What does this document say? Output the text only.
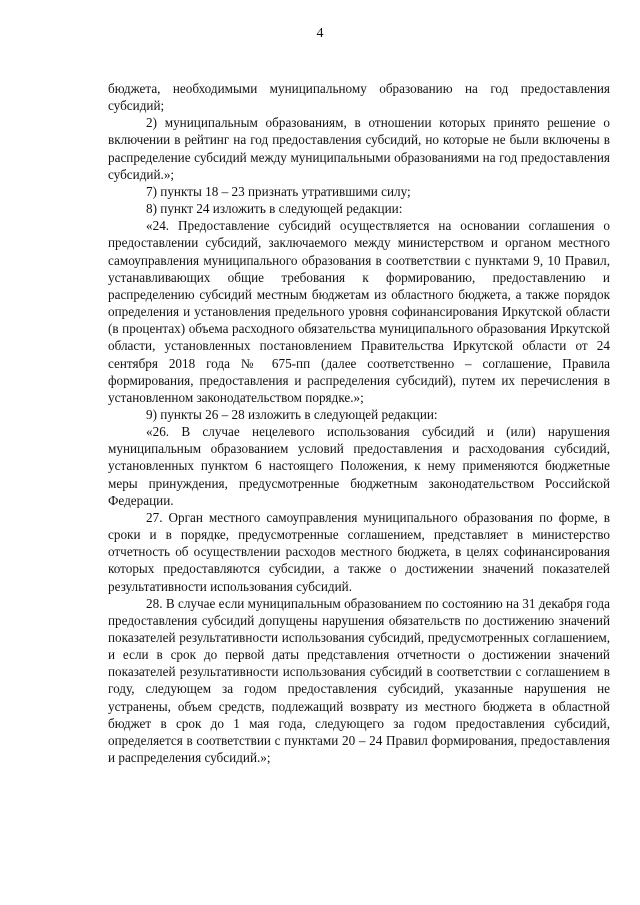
4

бюджета, необходимыми муниципальному образованию на год предоставления субсидий;

2) муниципальным образованиям, в отношении которых принято решение о включении в рейтинг на год предоставления субсидий, но которые не были включены в распределение субсидий между муниципальными образованиями на год предоставления субсидий.»;

7) пункты 18 – 23 признать утратившими силу;

8) пункт 24 изложить в следующей редакции:

«24. Предоставление субсидий осуществляется на основании соглашения о предоставлении субсидий, заключаемого между министерством и органом местного самоуправления муниципального образования в соответствии с пунктами 9, 10 Правил, устанавливающих общие требования к формированию, предоставлению и распределению субсидий местным бюджетам из областного бюджета, а также порядок определения и установления предельного уровня софинансирования Иркутской области (в процентах) объема расходного обязательства муниципального образования Иркутской области, установленных постановлением Правительства Иркутской области от 24 сентября 2018 года № 675-пп (далее соответственно – соглашение, Правила формирования, предоставления и распределения субсидий), путем их перечисления в установленном законодательством порядке.»;

9) пункты 26 – 28 изложить в следующей редакции:

«26. В случае нецелевого использования субсидий и (или) нарушения муниципальным образованием условий предоставления и расходования субсидий, установленных пунктом 6 настоящего Положения, к нему применяются бюджетные меры принуждения, предусмотренные бюджетным законодательством Российской Федерации.

27. Орган местного самоуправления муниципального образования по форме, в сроки и в порядке, предусмотренные соглашением, представляет в министерство отчетность об осуществлении расходов местного бюджета, в целях софинансирования которых предоставляются субсидии, а также о достижении значений показателей результативности использования субсидий.

28. В случае если муниципальным образованием по состоянию на 31 декабря года предоставления субсидий допущены нарушения обязательств по достижению значений показателей результативности использования субсидий, предусмотренных соглашением, и если в срок до первой даты представления отчетности о достижении значений показателей результативности использования субсидий в соответствии с соглашением в году, следующем за годом предоставления субсидий, указанные нарушения не устранены, объем средств, подлежащий возврату из местного бюджета в областной бюджет в срок до 1 мая года, следующего за годом предоставления субсидий, определяется в соответствии с пунктами 20 – 24 Правил формирования, предоставления и распределения субсидий.»;
